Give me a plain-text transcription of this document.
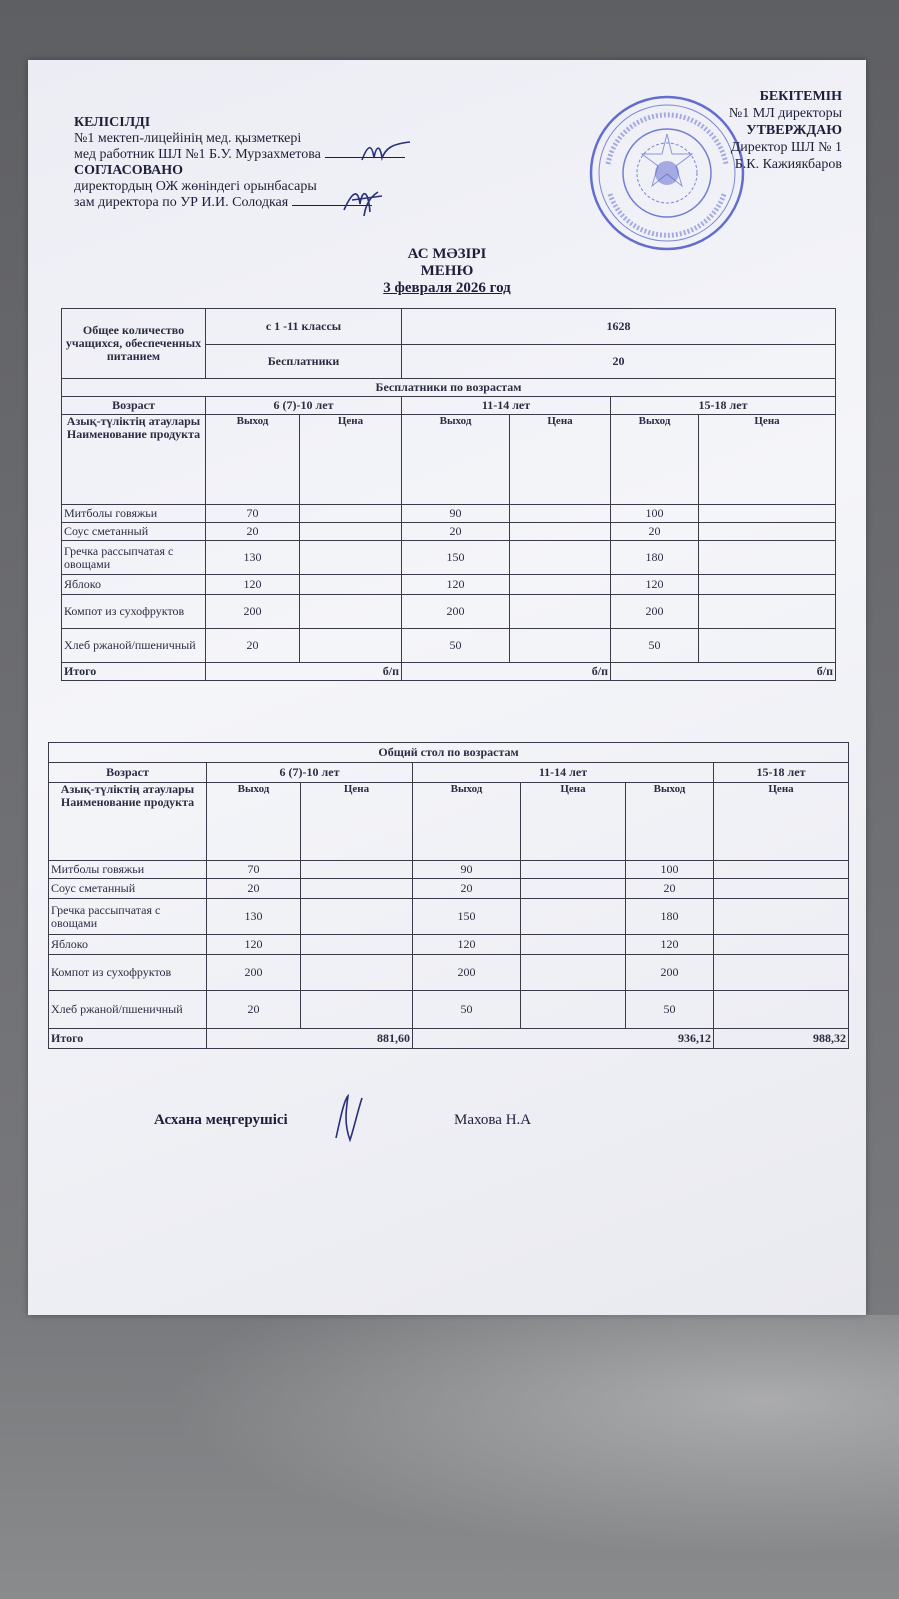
КЕЛІСІЛДІ
№1 мектеп-лицейінің мед. қызметкері
мед работник ШЛ №1 Б.У. Мурзахметова
СОГЛАСОВАНО
директордың ОЖ жөніндегі орынбасары
зам директора по УР И.И. Солодкая
БЕКІТЕМІН
№1 МЛ директоры
УТВЕРЖДАЮ
Директор ШЛ № 1
Б.К. Кажиякбаров
АС МӘЗІРІ
МЕНЮ
3 февраля 2026 год
Общее количество учащихся, обеспеченных питанием	с 1 -11 классы		1628			
	Бесплатники		20			
Бесплатники по возрастам						
Возраст	6 (7)-10 лет		11-14 лет		15-18 лет	
Азық-түліктің атаулары Наименование продукта	Выход	Цена	Выход	Цена	Выход	Цена
Митболы говяжьи	70		90		100	
Соус сметанный	20		20		20	
Гречка рассыпчатая с овощами	130		150		180	
Яблоко	120		120		120	
Компот из сухофруктов	200		200		200	
Хлеб ржаной/пшеничный	20		50		50	
Итого	б/п		б/п		б/п	
Общий стол по возрастам						
Возраст	6 (7)-10 лет		11-14 лет			15-18 лет
Азық-түліктің атаулары Наименование продукта	Выход	Цена	Выход	Цена	Выход	Цена
Митболы говяжьи	70		90		100	
Соус сметанный	20		20		20	
Гречка рассыпчатая с овощами	130		150		180	
Яблоко	120		120		120	
Компот из сухофруктов	200		200		200	
Хлеб ржаной/пшеничный	20		50		50	
Итого	881,60		936,12			988,32
Асхана меңгерушісі	Махова Н.А
